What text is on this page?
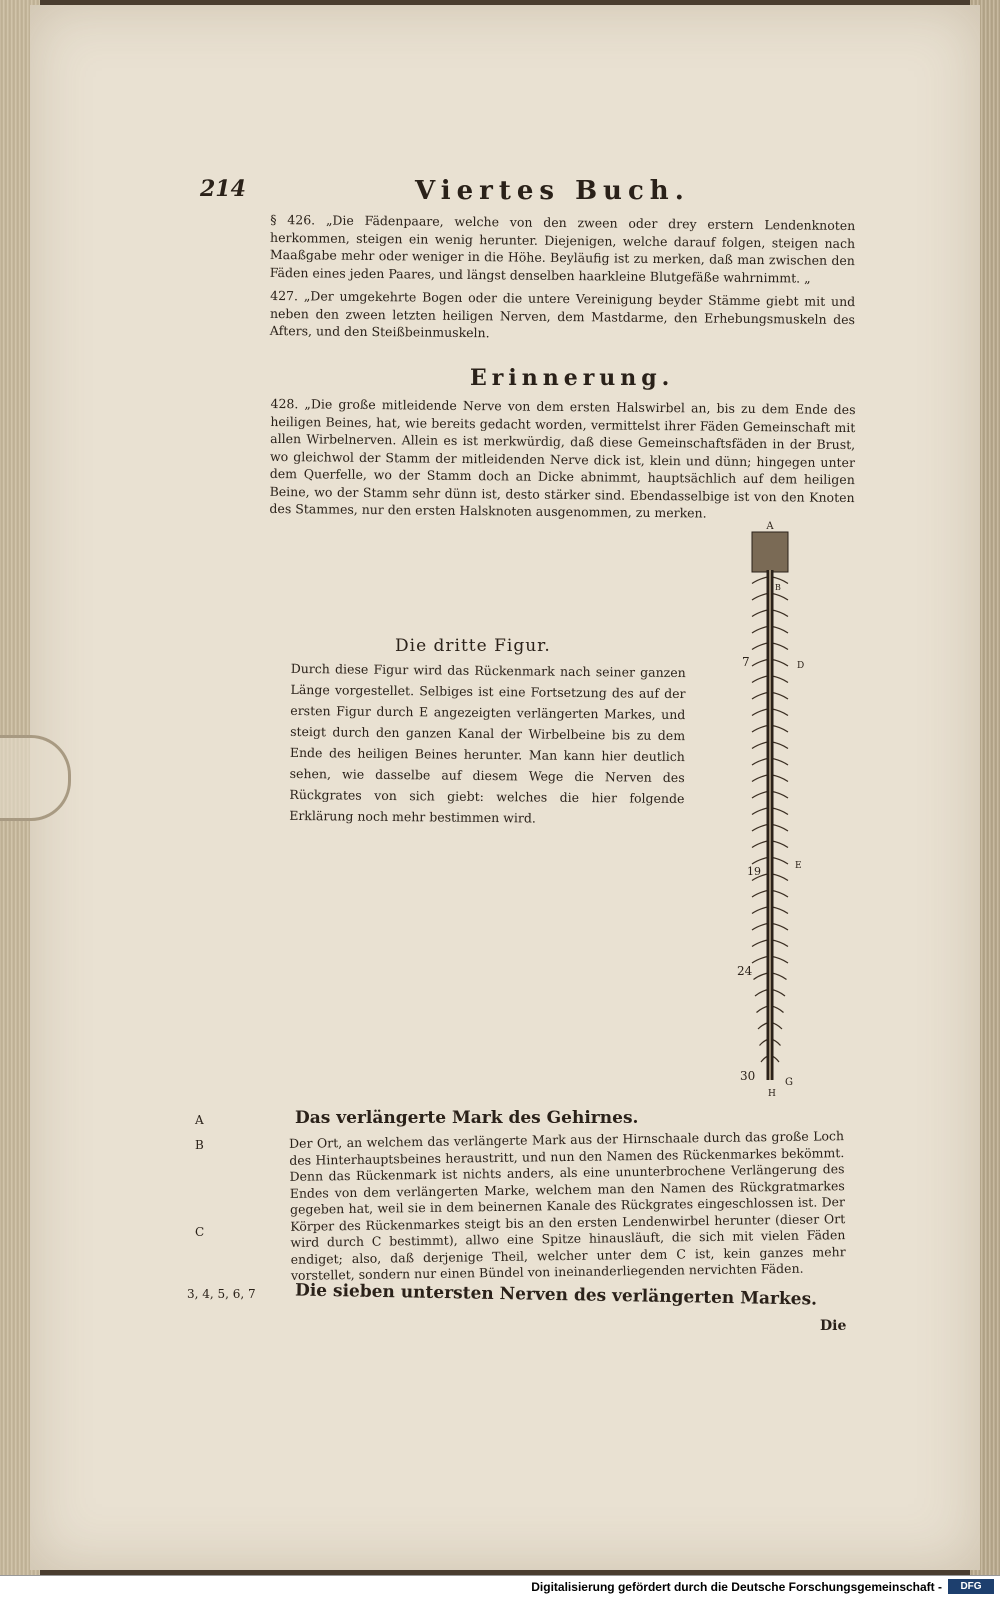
214	Viertes Buch.

§ 426. „Die Fädenpaare, welche von den zween oder drey erstern Lendenknoten herkommen, steigen ein wenig herunter. Diejenigen, welche darauf folgen, steigen nach Maaßgabe mehr oder weniger in die Höhe. Beyläufig ist zu merken, daß man zwischen den Fäden eines jeden Paares, und längst denselben haarkleine Blutgefäße wahrnimmt. „

427. „Der umgekehrte Bogen oder die untere Vereinigung beyder Stämme giebt mit und neben den zween letzten heiligen Nerven, dem Mastdarme, den Erhebungsmuskeln des Afters, und den Steißbeinmuskeln.

Erinnerung.

428. „Die große mitleidende Nerve von dem ersten Halswirbel an, bis zu dem Ende des heiligen Beines, hat, wie bereits gedacht worden, vermittelst ihrer Fäden Gemeinschaft mit allen Wirbelnerven. Allein es ist merkwürdig, daß diese Gemeinschaftsfäden in der Brust, wo gleichwol der Stamm der mitleidenden Nerve dick ist, klein und dünn; hingegen unter dem Querfelle, wo der Stamm doch an Dicke abnimmt, hauptsächlich auf dem heiligen Beine, wo der Stamm sehr dünn ist, desto stärker sind. Ebendasselbige ist von den Knoten des Stammes, nur den ersten Halsknoten ausgenommen, zu merken.

Die dritte Figur.

Durch diese Figur wird das Rückenmark nach seiner ganzen Länge vorgestellet. Selbiges ist eine Fortsetzung des auf der ersten Figur durch E angezeigten verlängerten Markes, und steigt durch den ganzen Kanal der Wirbelbeine bis zu dem Ende des heiligen Beines herunter. Man kann hier deutlich sehen, wie dasselbe auf diesem Wege die Nerven des Rückgrates von sich giebt: welches die hier folgende Erklärung noch mehr bestimmen wird.

A
B
7	D
E
19
24
30	G
H
A
B
C
3, 4, 5, 6, 7
Das verlängerte Mark des Gehirnes.

Der Ort, an welchem das verlängerte Mark aus der Hirnschaale durch das große Loch des Hinterhauptsbeines heraustritt, und nun den Namen des Rückenmarkes bekömmt. Denn das Rückenmark ist nichts anders, als eine ununterbrochene Verlängerung des Endes von dem verlängerten Marke, welchem man den Namen des Rückgratmarkes gegeben hat, weil sie in dem beinernen Kanale des Rückgrates eingeschlossen ist. Der Körper des Rückenmarkes steigt bis an den ersten Lendenwirbel herunter (dieser Ort wird durch C bestimmt), allwo eine Spitze hinausläuft, die sich mit vielen Fäden endiget; also, daß derjenige Theil, welcher unter dem C ist, kein ganzes mehr vorstellet, sondern nur einen Bündel von ineinanderliegenden nervichten Fäden.

Die sieben untersten Nerven des verlängerten Markes.

Die

Digitalisierung gefördert durch die Deutsche Forschungsgemeinschaft -	DFG
